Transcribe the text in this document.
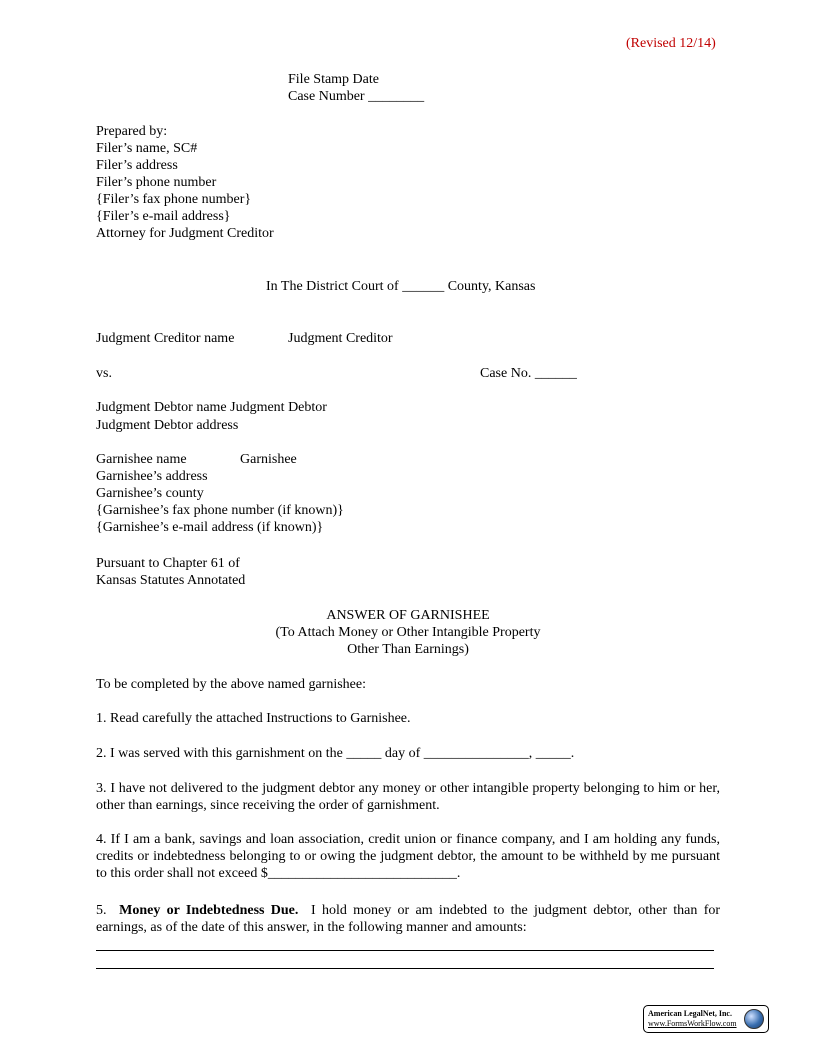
(Revised 12/14)
File Stamp Date
Case Number ________
Prepared by:
Filer’s name, SC#
Filer’s address
Filer’s phone number
{Filer’s fax phone number}
{Filer’s e-mail address}
Attorney for Judgment Creditor
In The District Court of ______ County, Kansas
Judgment Creditor name	Judgment Creditor
vs.	Case No. ______
Judgment Debtor name Judgment Debtor
Judgment Debtor address
Garnishee name	Garnishee
Garnishee’s address
Garnishee’s county
{Garnishee’s fax phone number (if known)}
{Garnishee’s e-mail address (if known)}
Pursuant to Chapter 61 of
Kansas Statutes Annotated
ANSWER OF GARNISHEE
(To Attach Money or Other Intangible Property
Other Than Earnings)
To be completed by the above named garnishee:
1. Read carefully the attached Instructions to Garnishee.
2. I was served with this garnishment on the _____ day of _______________, _____.
3. I have not delivered to the judgment debtor any money or other intangible property belonging to him or her, other than earnings, since receiving the order of garnishment.
4. If I am a bank, savings and loan association, credit union or finance company, and I am holding any funds, credits or indebtedness belonging to or owing the judgment debtor, the amount to be withheld by me pursuant to this order shall not exceed $___________________________.
5. Money or Indebtedness Due. I hold money or am indebted to the judgment debtor, other than for earnings, as of the date of this answer, in the following manner and amounts:
American LegalNet, Inc.
www.FormsWorkFlow.com
